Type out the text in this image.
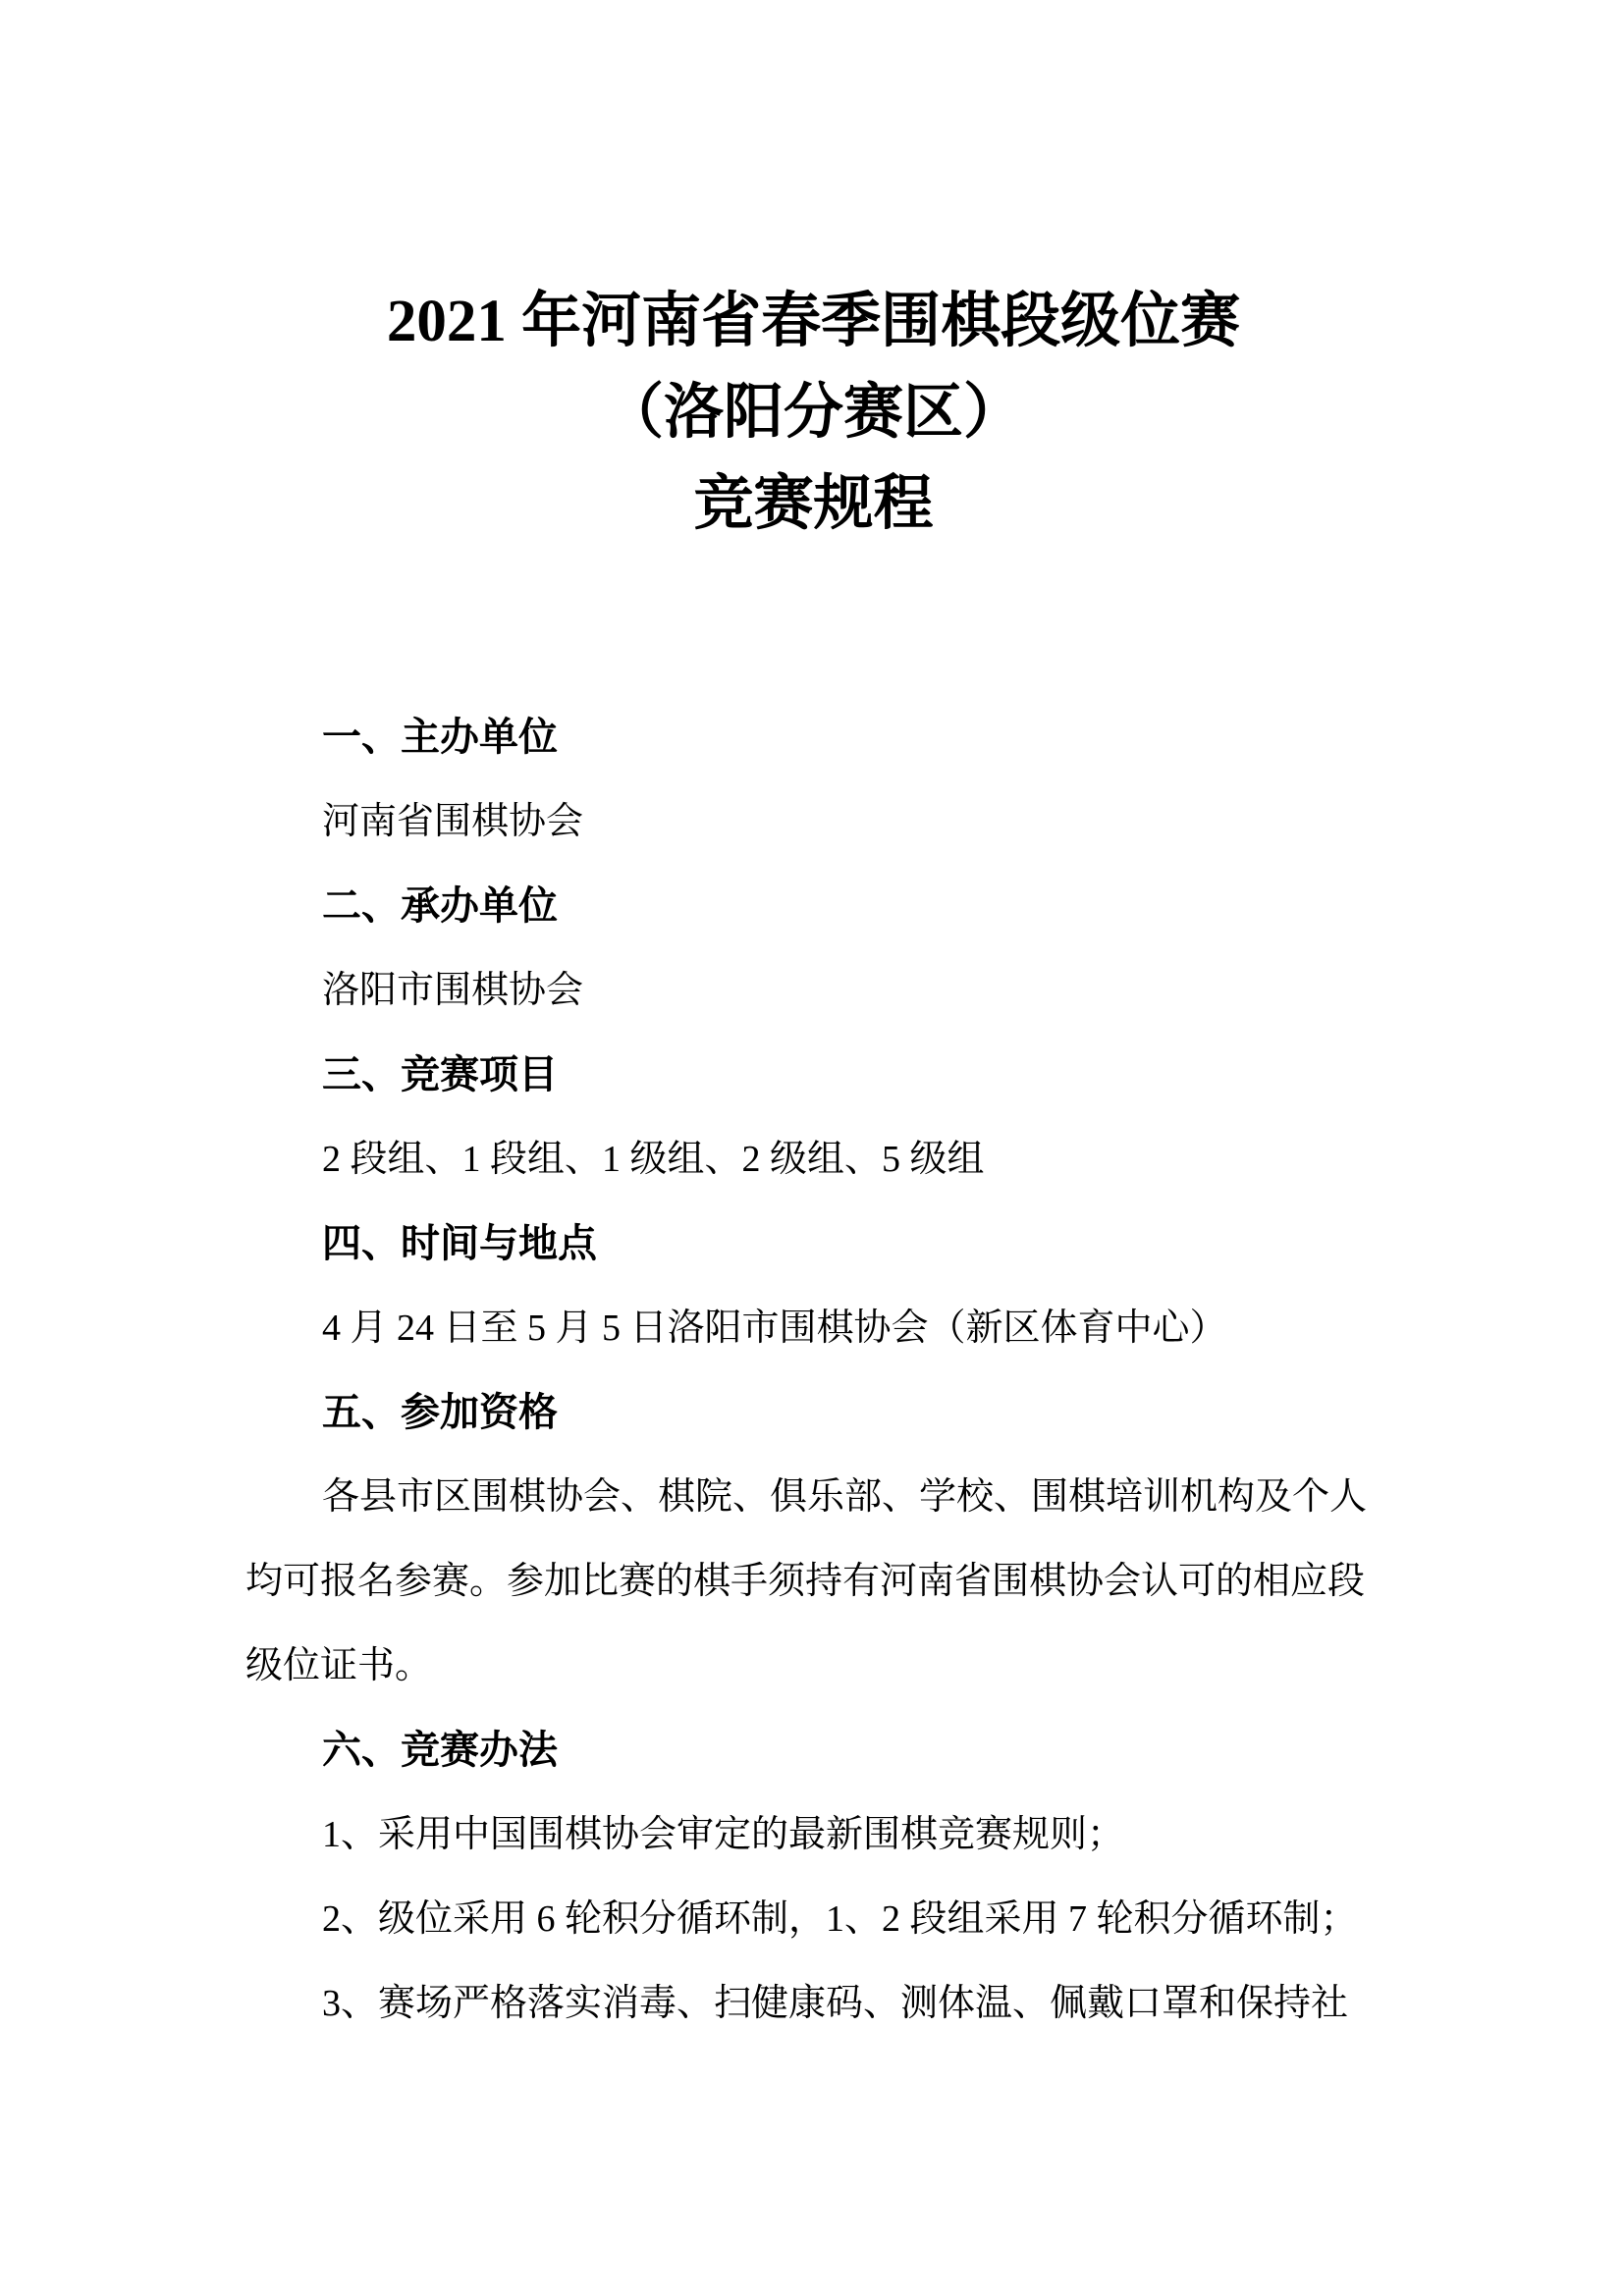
2021 年河南省春季围棋段级位赛
（洛阳分赛区）
竞赛规程
一、主办单位
河南省围棋协会
二、承办单位
洛阳市围棋协会
三、竞赛项目
2 段组、1 段组、1 级组、2 级组、5 级组
四、时间与地点
4 月 24 日至 5 月 5 日洛阳市围棋协会（新区体育中心）
五、参加资格
各县市区围棋协会、棋院、俱乐部、学校、围棋培训机构及个人
均可报名参赛。参加比赛的棋手须持有河南省围棋协会认可的相应段
级位证书。
六、竞赛办法
1、采用中国围棋协会审定的最新围棋竞赛规则；
2、级位采用 6 轮积分循环制，1、2 段组采用 7 轮积分循环制；
3、赛场严格落实消毒、扫健康码、测体温、佩戴口罩和保持社
